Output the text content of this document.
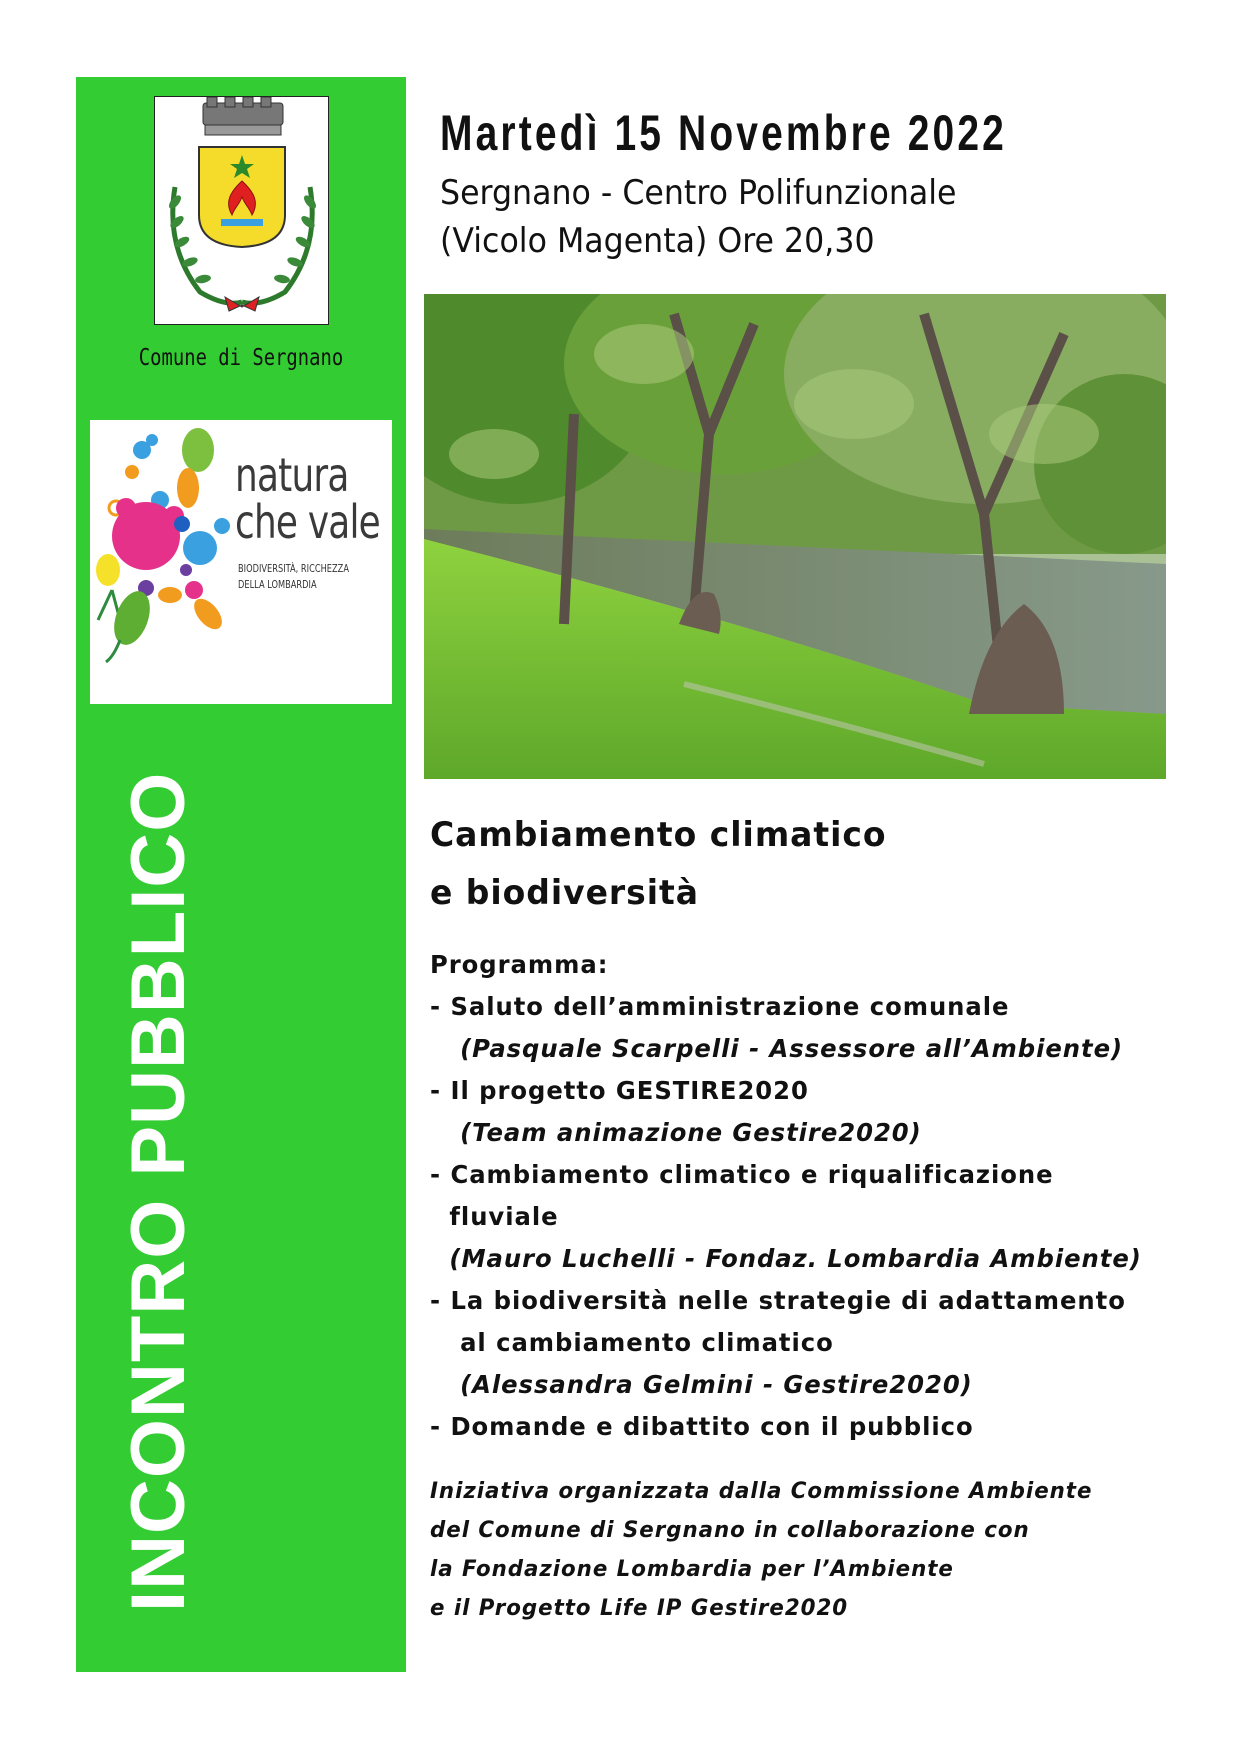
Comune di Sergnano
natura
che vale
BIODIVERSITÀ, RICCHEZZA
DELLA LOMBARDIA
INCONTRO PUBBLICO
Martedì 15 Novembre 2022
Sergnano - Centro Polifunzionale
(Vicolo Magenta) Ore 20,30
Cambiamento climatico
e biodiversità
Programma:
- Saluto dell’amministrazione comunale
(Pasquale Scarpelli - Assessore all’Ambiente)
- Il progetto GESTIRE2020
(Team animazione Gestire2020)
- Cambiamento climatico e riqualificazione
fluviale
(Mauro Luchelli - Fondaz. Lombardia Ambiente)
- La biodiversità nelle strategie di adattamento
al cambiamento climatico
(Alessandra Gelmini - Gestire2020)
- Domande e dibattito con il pubblico
Iniziativa organizzata dalla Commissione Ambiente
del Comune di Sergnano in collaborazione con
la Fondazione Lombardia per l’Ambiente
e il Progetto Life IP Gestire2020
